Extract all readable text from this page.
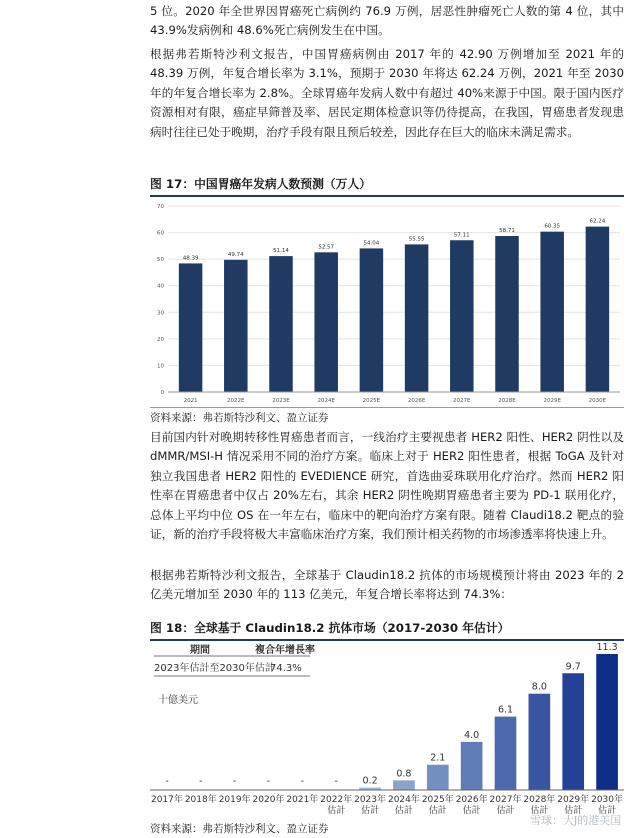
5 位。2020 年全世界因胃癌死亡病例约 76.9 万例，居恶性肿瘤死亡人数的第 4 位，其中 43.9%发病例和 48.6%死亡病例发生在中国。

根据弗若斯特沙利文报告，中国胃癌病例由 2017 年的 42.90 万例增加至 2021 年的 48.39 万例，年复合增长率为 3.1%，预期于 2030 年将达 62.24 万例，2021 年至 2030 年的年复合增长率为 2.8%。全球胃癌年发病人数中有超过 40%来源于中国。限于国内医疗资源相对有限，癌症早筛普及率、居民定期体检意识等仍待提高，在我国，胃癌患者发现患病时往往已处于晚期，治疗手段有限且预后较差，因此存在巨大的临床未满足需求。

图 17：中国胃癌年发病人数预测（万人）
0
10
20
30
40
50
60
70
48.39
2021
49.74
2022E
51.14
2023E
52.57
2024E
54.04
2025E
55.55
2026E
57.11
2027E
58.71
2028E
60.35
2029E
62.24
2030E
资料来源：弗若斯特沙利文、盈立证券

目前国内针对晚期转移性胃癌患者而言，一线治疗主要视患者 HER2 阳性、HER2 阴性以及 dMMR/MSI-H 情况采用不同的治疗方案。临床上对于 HER2 阳性患者，根据 ToGA 及针对独立我国患者 HER2 阳性的 EVEDIENCE 研究，首选曲妥珠联用化疗治疗。然而 HER2 阳性率在胃癌患者中仅占 20%左右，其余 HER2 阴性晚期胃癌患者主要为 PD-1 联用化疗，总体上平均中位 OS 在一年左右，临床中的靶向治疗方案有限。随着 Claudi18.2 靶点的验证，新的治疗手段将极大丰富临床治疗方案，我们预计相关药物的市场渗透率将快速上升。

根据弗若斯特沙利文报告，全球基于 Claudin18.2 抗体的市场规模预计将由 2023 年的 2 亿美元增加至 2030 年的 113 亿美元，年复合增长率将达到 74.3%：

图 18：全球基于 Claudin18.2 抗体市场（2017-2030 年估计）
期間	複合年增長率
2023年估計至2030年估計
74.3%
十億美元
-
2017年
-
2018年
-
2019年
-
2020年
-
2021年
-
2022年
估計
0.2
2023年
估計
0.8
2024年
估計
2.1
2025年
估計
4.0
2026年
估計
6.1
2027年
估計
8.0
2028年
估計
9.7
2029年
估計
11.3
2030年
估計
资料来源：弗若斯特沙利文、盈立证券
雪球：大J的港美国
